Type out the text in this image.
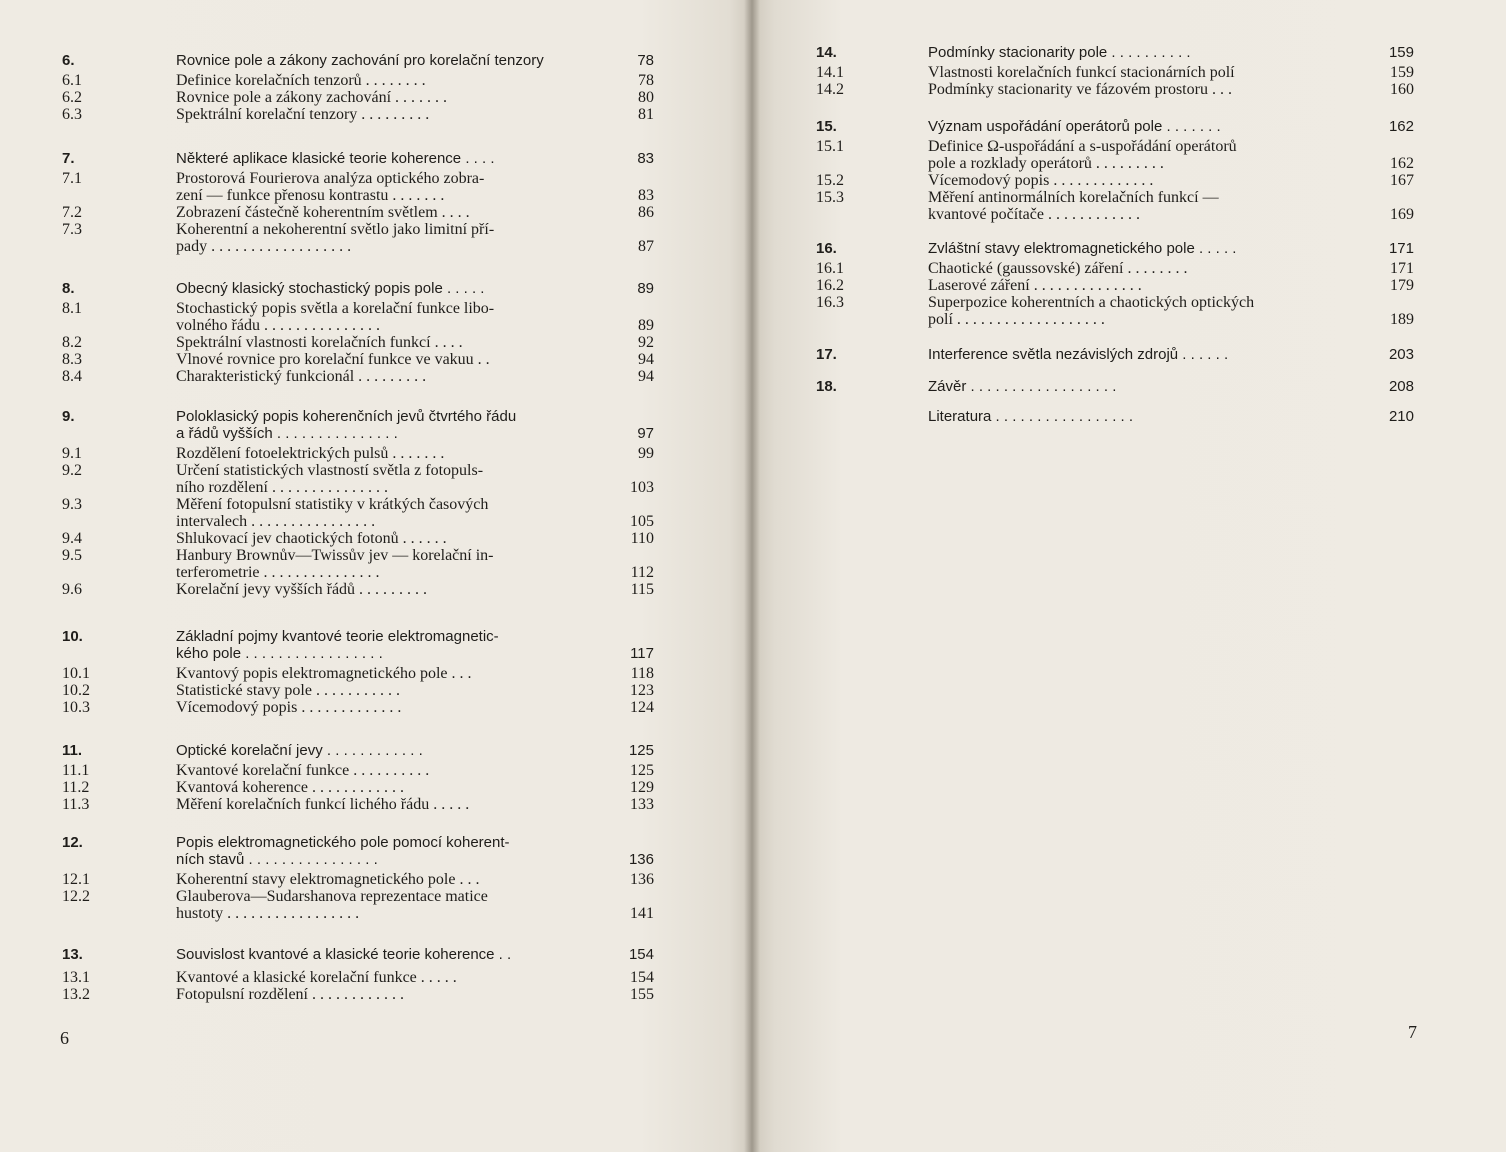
6.	Rovnice pole a zákony zachování pro korelační tenzory	78
6.1	Definice korelačních tenzorů . . . . . . . .	78
6.2	Rovnice pole a zákony zachování . . . . . . .	80
6.3	Spektrální korelační tenzory . . . . . . . . .	81
7.	Některé aplikace klasické teorie koherence . . . .	83
7.1	Prostorová Fourierova analýza optického zobra-
zení — funkce přenosu kontrastu . . . . . . .	83
7.2	Zobrazení částečně koherentním světlem . . . .	86
7.3	Koherentní a nekoherentní světlo jako limitní pří-
pady . . . . . . . . . . . . . . . . . .	87
8.	Obecný klasický stochastický popis pole . . . . .	89
8.1	Stochastický popis světla a korelační funkce libo-
volného řádu . . . . . . . . . . . . . . .	89
8.2	Spektrální vlastnosti korelačních funkcí . . . .	92
8.3	Vlnové rovnice pro korelační funkce ve vakuu . .	94
8.4	Charakteristický funkcionál . . . . . . . . .	94
9.	Poloklasický popis koherenčních jevů čtvrtého řádu
a řádů vyšších . . . . . . . . . . . . . . .	97
9.1	Rozdělení fotoelektrických pulsů . . . . . . .	99
9.2	Určení statistických vlastností světla z fotopuls-
ního rozdělení . . . . . . . . . . . . . . .	103
9.3	Měření fotopulsní statistiky v krátkých časových
intervalech . . . . . . . . . . . . . . . .	105
9.4	Shlukovací jev chaotických fotonů . . . . . .	110
9.5	Hanbury Brownův—Twissův jev — korelační in-
terferometrie . . . . . . . . . . . . . . .	112
9.6	Korelační jevy vyšších řádů . . . . . . . . .	115
10.	Základní pojmy kvantové teorie elektromagnetic-
kého pole . . . . . . . . . . . . . . . . .	117
10.1	Kvantový popis elektromagnetického pole . . .	118
10.2	Statistické stavy pole . . . . . . . . . . .	123
10.3	Vícemodový popis . . . . . . . . . . . . .	124
11.	Optické korelační jevy . . . . . . . . . . . .	125
11.1	Kvantové korelační funkce . . . . . . . . . .	125
11.2	Kvantová koherence . . . . . . . . . . . .	129
11.3	Měření korelačních funkcí lichého řádu . . . . .	133
12.	Popis elektromagnetického pole pomocí koherent-
ních stavů . . . . . . . . . . . . . . . .	136
12.1	Koherentní stavy elektromagnetického pole . . .	136
12.2	Glauberova—Sudarshanova reprezentace matice
hustoty . . . . . . . . . . . . . . . . .	141
13.	Souvislost kvantové a klasické teorie koherence . .	154
13.1	Kvantové a klasické korelační funkce . . . . .	154
13.2	Fotopulsní rozdělení . . . . . . . . . . . .	155
6
14.	Podmínky stacionarity pole . . . . . . . . . .	159
14.1	Vlastnosti korelačních funkcí stacionárních polí	159
14.2	Podmínky stacionarity ve fázovém prostoru . . .	160
15.	Význam uspořádání operátorů pole . . . . . . .	162
15.1	Definice Ω-uspořádání a s-uspořádání operátorů
pole a rozklady operátorů . . . . . . . . .	162
15.2	Vícemodový popis . . . . . . . . . . . . .	167
15.3	Měření antinormálních korelačních funkcí —
kvantové počítače . . . . . . . . . . . .	169
16.	Zvláštní stavy elektromagnetického pole . . . . .	171
16.1	Chaotické (gaussovské) záření . . . . . . . .	171
16.2	Laserové záření . . . . . . . . . . . . . .	179
16.3	Superpozice koherentních a chaotických optických
polí . . . . . . . . . . . . . . . . . . .	189
17.	Interference světla nezávislých zdrojů . . . . . .	203
18.	Závěr . . . . . . . . . . . . . . . . . .	208
Literatura . . . . . . . . . . . . . . . . .	210
7
